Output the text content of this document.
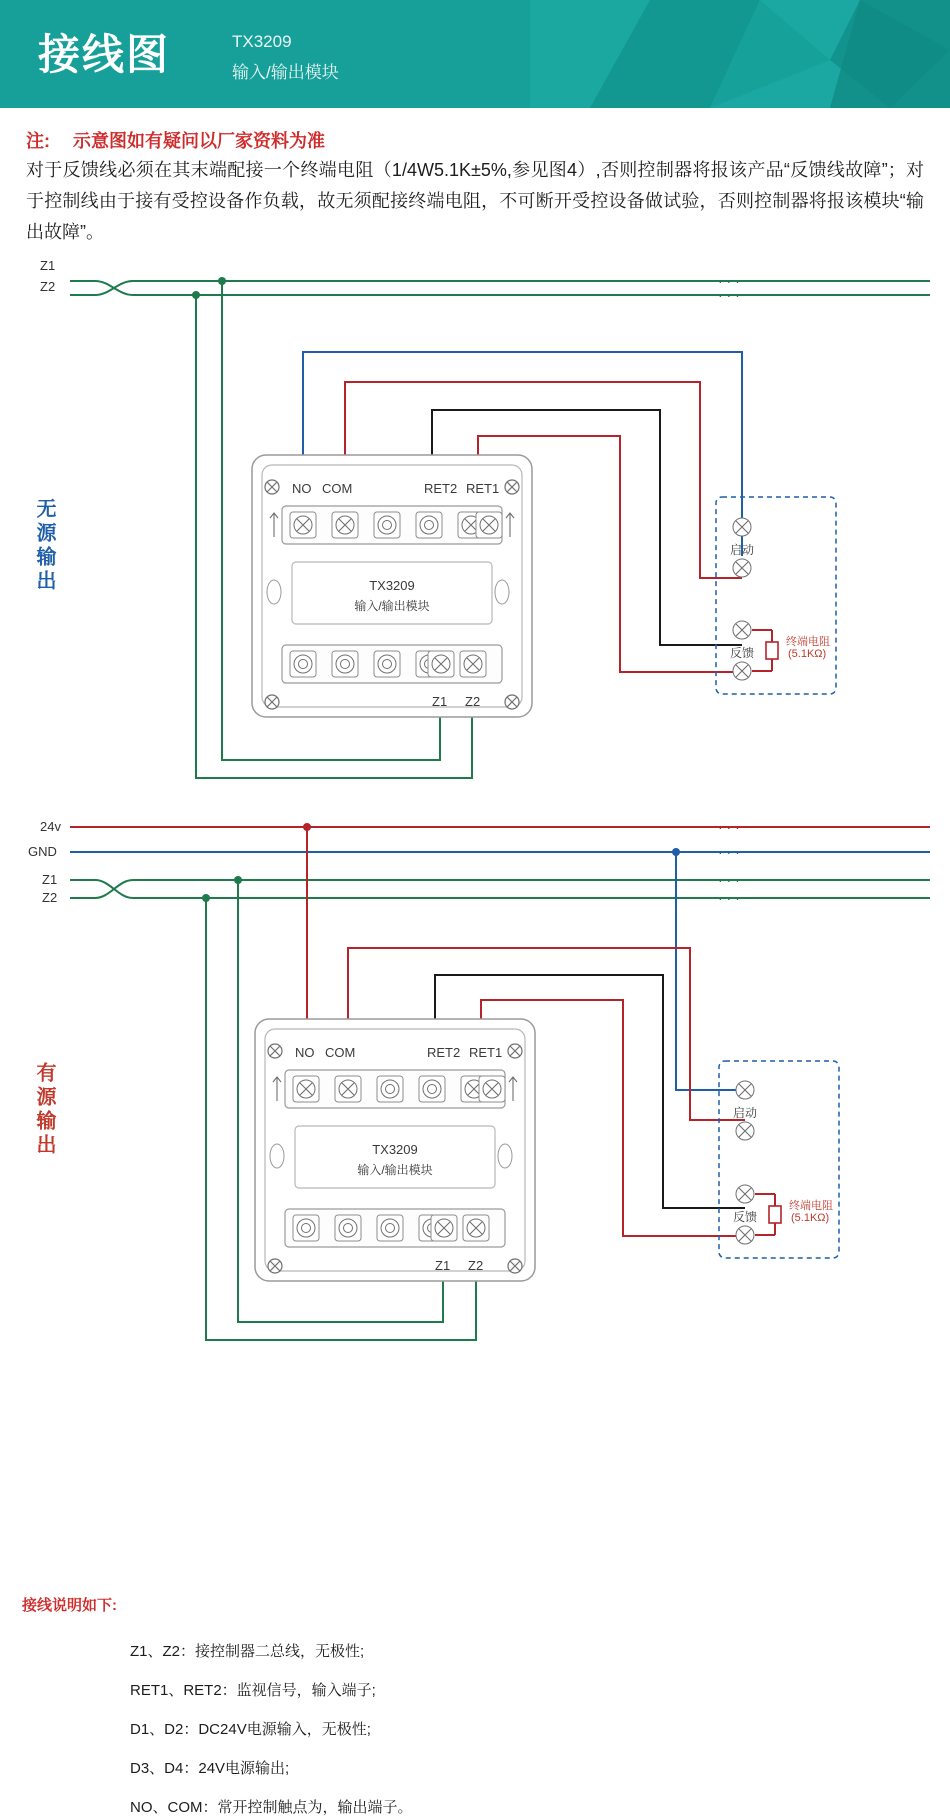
接线图	TX3209
输入/输出模块
注: 示意图如有疑问以厂家资料为准
对于反馈线必须在其末端配接一个终端电阻（1/4W5.1K±5%,参见图4）,否则控制器将报该产品“反馈线故障”；对于控制线由于接有受控设备作负载，故无须配接终端电阻，不可断开受控设备做试验，否则控制器将报该模块“输出故障”。
· · ·
· · ·
· · ·
· · ·
· · ·
· · ·
Z1
Z2
无源输出
NO COM	RET2 RET1
TX3209
输入/输出模块
Z1 Z2
启动
反馈
终端电阻
(5.1KΩ)
24v
GND
Z1
Z2
有源输出
NO COM	RET2 RET1
TX3209
输入/输出模块
Z1 Z2
启动
反馈
终端电阻
(5.1KΩ)
接线说明如下:
Z1、Z2：接控制器二总线，无极性;
RET1、RET2：监视信号，输入端子;
D1、D2：DC24V电源输入，无极性;
D3、D4：24V电源输出;
NO、COM：常开控制触点为，输出端子。
